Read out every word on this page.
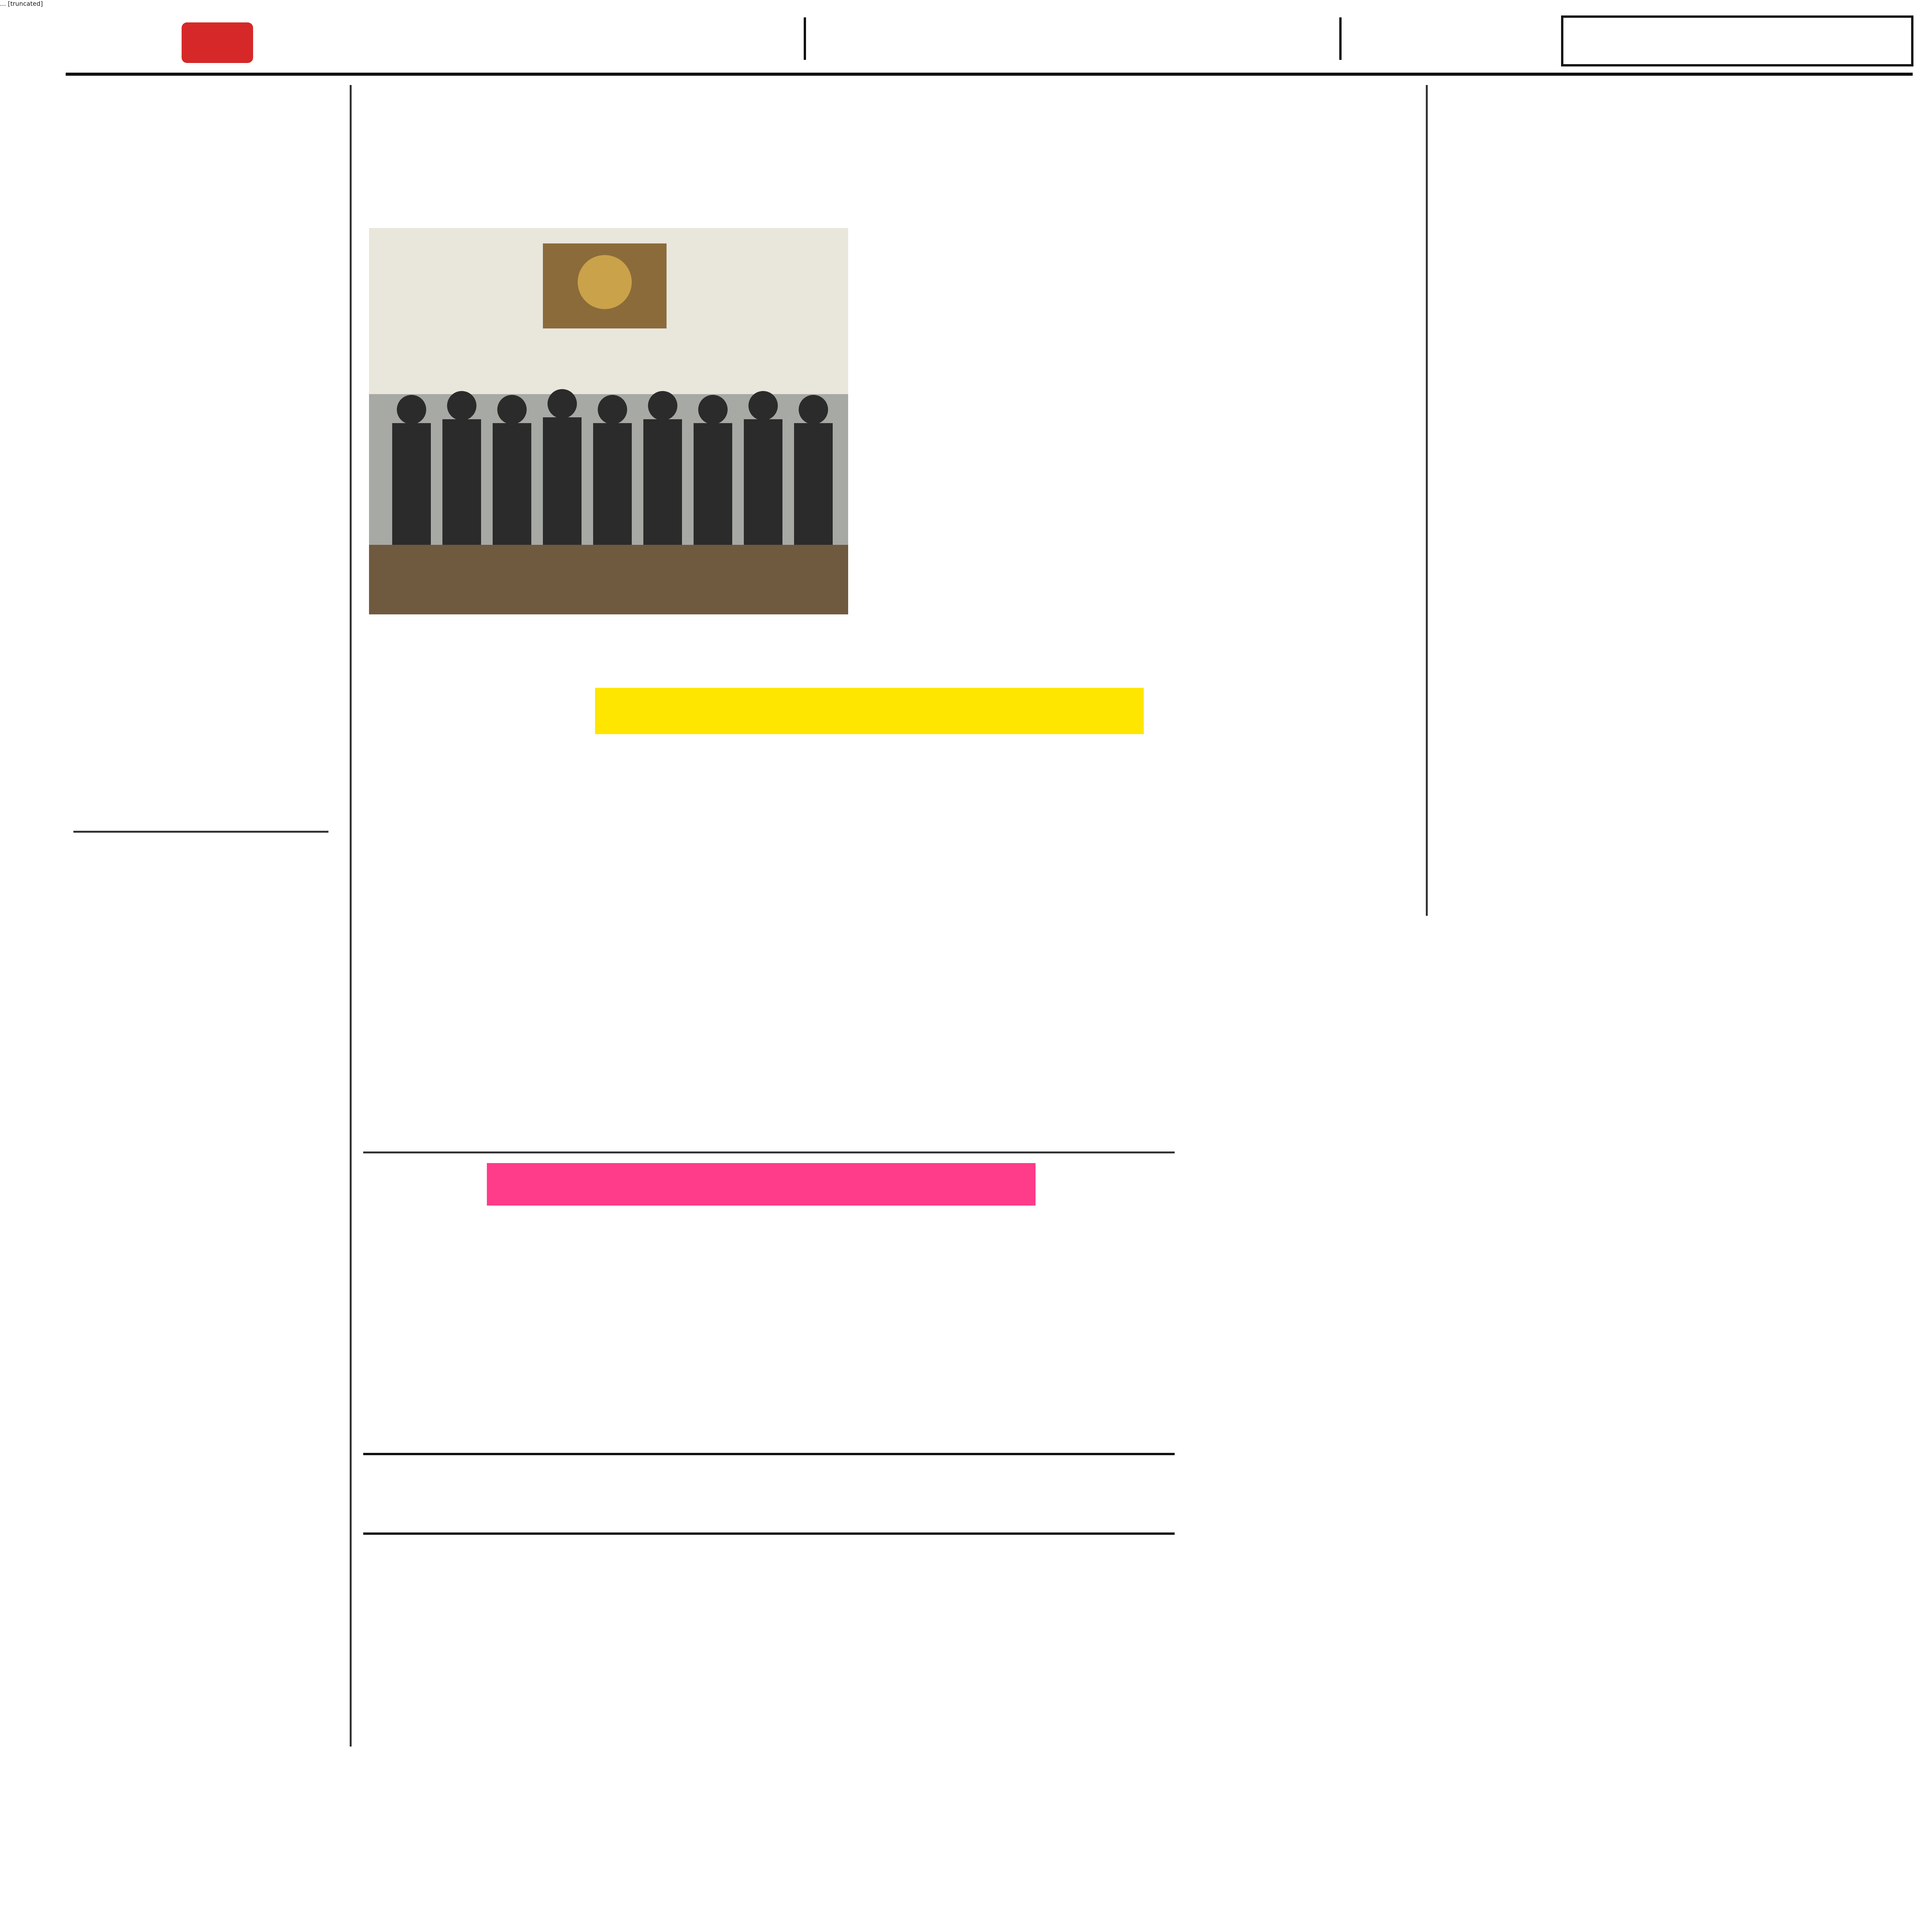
... [truncated]
